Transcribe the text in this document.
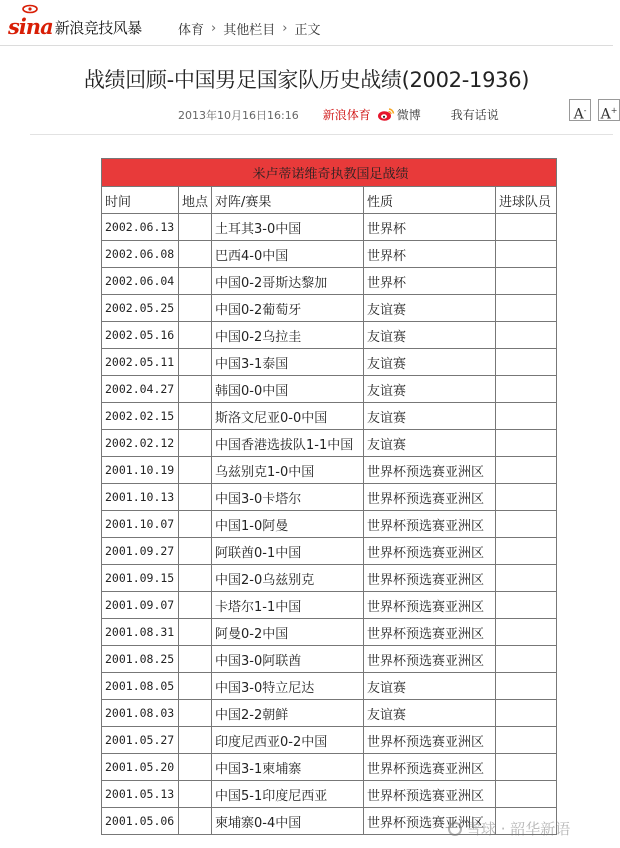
sina 新浪竞技风暴	体育 › 其他栏目 › 正文
战绩回顾-中国男足国家队历史战绩(2002-1936)
2013年10月16日16:16 新浪体育 微博	我有话说	A-	A+
米卢蒂诺维奇执教国足战绩				
时间	地点	对阵/赛果	性质	进球队员
2002.06.13		土耳其3-0中国	世界杯	
2002.06.08		巴西4-0中国	世界杯	
2002.06.04		中国0-2哥斯达黎加	世界杯	
2002.05.25		中国0-2葡萄牙	友谊赛	
2002.05.16		中国0-2乌拉圭	友谊赛	
2002.05.11		中国3-1泰国	友谊赛	
2002.04.27		韩国0-0中国	友谊赛	
2002.02.15		斯洛文尼亚0-0中国	友谊赛	
2002.02.12		中国香港选拔队1-1中国	友谊赛	
2001.10.19		乌兹别克1-0中国	世界杯预选赛亚洲区	
2001.10.13		中国3-0卡塔尔	世界杯预选赛亚洲区	
2001.10.07		中国1-0阿曼	世界杯预选赛亚洲区	
2001.09.27		阿联酋0-1中国	世界杯预选赛亚洲区	
2001.09.15		中国2-0乌兹别克	世界杯预选赛亚洲区	
2001.09.07		卡塔尔1-1中国	世界杯预选赛亚洲区	
2001.08.31		阿曼0-2中国	世界杯预选赛亚洲区	
2001.08.25		中国3-0阿联酋	世界杯预选赛亚洲区	
2001.08.05		中国3-0特立尼达	友谊赛	
2001.08.03		中国2-2朝鲜	友谊赛	
2001.05.27		印度尼西亚0-2中国	世界杯预选赛亚洲区	
2001.05.20		中国3-1柬埔寨	世界杯预选赛亚洲区	
2001.05.13		中国5-1印度尼西亚	世界杯预选赛亚洲区	
2001.05.06		柬埔寨0-4中国	世界杯预选赛亚洲区	
雪球 · 韶华新语
